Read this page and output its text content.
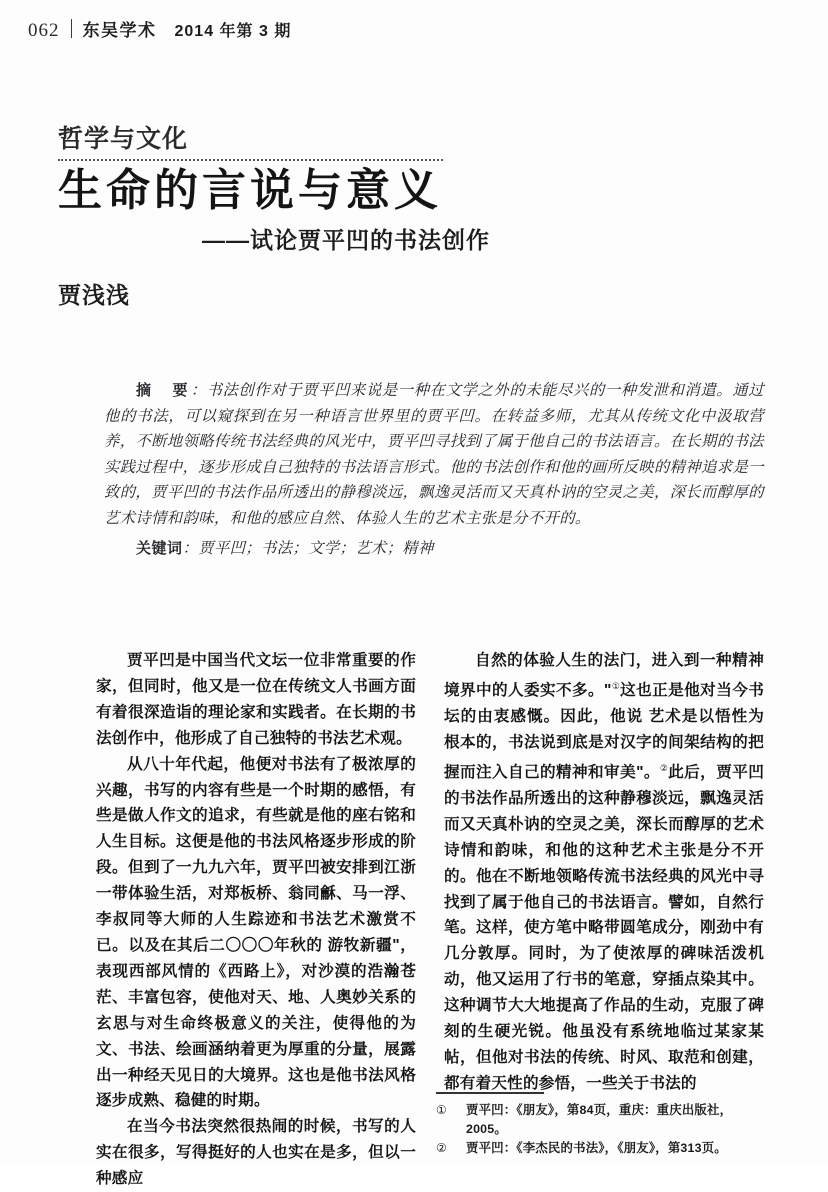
062 东吴学术 2014 年第 3 期
哲学与文化
生命的言说与意义
——试论贾平凹的书法创作
贾浅浅

摘　要：书法创作对于贾平凹来说是一种在文学之外的未能尽兴的一种发泄和消遣。通过他的书法，可以窥探到在另一种语言世界里的贾平凹。在转益多师，尤其从传统文化中汲取营养，不断地领略传统书法经典的风光中，贾平凹寻找到了属于他自己的书法语言。在长期的书法实践过程中，逐步形成自己独特的书法语言形式。他的书法创作和他的画所反映的精神追求是一致的，贾平凹的书法作品所透出的静穆淡远，飘逸灵活而又天真朴讷的空灵之美，深长而醇厚的艺术诗情和韵味，和他的感应自然、体验人生的艺术主张是分不开的。

关键词：贾平凹；书法；文学；艺术；精神

贾平凹是中国当代文坛一位非常重要的作家，但同时，他又是一位在传统文人书画方面有着很深造诣的理论家和实践者。在长期的书法创作中，他形成了自己独特的书法艺术观。

从八十年代起，他便对书法有了极浓厚的兴趣，书写的内容有些是一个时期的感悟，有些是做人作文的追求，有些就是他的座右铭和人生目标。这便是他的书法风格逐步形成的阶段。但到了一九九六年，贾平凹被安排到江浙一带体验生活，对郑板桥、翁同龢、马一浮、李叔同等大师的人生踪迹和书法艺术激赏不已。以及在其后二〇〇〇年秋的 游牧新疆"，表现西部风情的《西路上》，对沙漠的浩瀚苍茫、丰富包容，使他对天、地、人奥妙关系的玄思与对生命终极意义的关注，使得他的为文、书法、绘画涵纳着更为厚重的分量，展露出一种经天见日的大境界。这也是他书法风格逐步成熟、稳健的时期。

在当今书法突然很热闹的时候，书写的人实在很多，写得挺好的人也实在是多，但以一种感应

自然的体验人生的法门，进入到一种精神境界中的人委实不多。"①这也正是他对当今书坛的由衷感慨。因此，他说 艺术是以悟性为根本的，书法说到底是对汉字的间架结构的把握而注入自己的精神和审美"。②此后，贾平凹的书法作品所透出的这种静穆淡远，飘逸灵活而又天真朴讷的空灵之美，深长而醇厚的艺术诗情和韵味，和他的这种艺术主张是分不开的。他在不断地领略传流书法经典的风光中寻找到了属于他自己的书法语言。譬如，自然行笔。这样，使方笔中略带圆笔成分，刚劲中有几分敦厚。同时，为了使浓厚的碑味活泼机动，他又运用了行书的笔意，穿插点染其中。这种调节大大地提高了作品的生动，克服了碑刻的生硬光锐。他虽没有系统地临过某家某帖，但他对书法的传统、时风、取范和创建，都有着天性的参悟，一些关于书法的

①	贾平凹：《朋友》，第84页，重庆：重庆出版社，2005。
②	贾平凹：《李杰民的书法》，《朋友》，第313页。
